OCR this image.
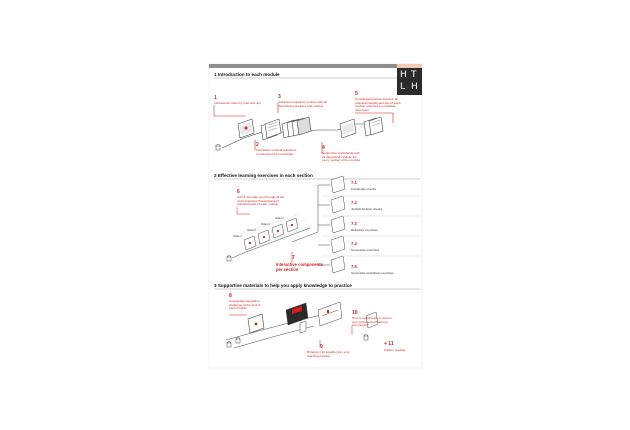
H T
L H
1 Introduction to each module
2 Effective learning exercises in each section
3 Supportive materials to help you apply knowledge to practice
1
Introduction video by Carl and Jim
2
Interactive retrieval questions of relevant prior knowledge
3
Advanced organizer posters with all theoretical principles and models
4
Supportive worksheets with all theoretical models, for every section of the module
5
Knowledge/practice posters: all practical insights and tips of each module collected on printable overviews
6
Carl & Jim take you through all the most important theoretical and practical parts of each module
7
Interactive components per section
8
Knowledge integration challenge at the end of each module
9
Bringing it all together into your teaching practice
10
How to collaborate or work in your professional learning community?
+ 11
Further reading
7.1
Knowledge checks
7.2
Judicial intuition checks
7.3
Reflective exercises
7.4
Generative exercises
7.5
Generative worksheet exercises
Video 1
Video 2
Video 3
Video 4
